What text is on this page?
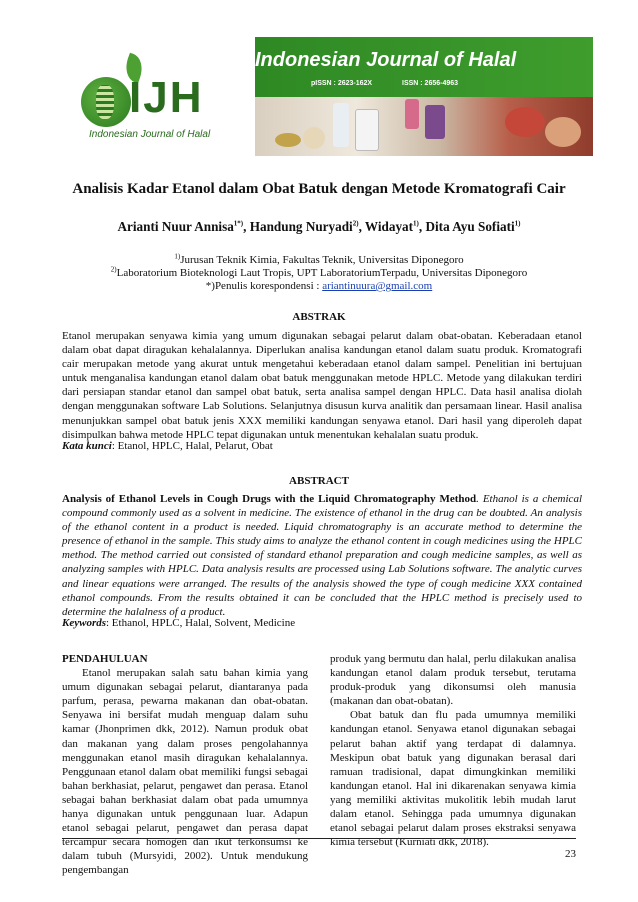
IJH
Indonesian Journal of Halal
Indonesian Journal of Halal
pISSN : 2623-162X	ISSN : 2656-4963
Analisis Kadar Etanol dalam Obat Batuk dengan Metode Kromatografi Cair
Arianti Nuur Annisa$^{1*)}$, Handung Nuryadi$^{2)}$, Widayat$^{1)}$, Dita Ayu Sofiati$^{1)}$
$^{1)}$Jurusan Teknik Kimia, Fakultas Teknik, Universitas Diponegoro
$^{2)}$Laboratorium Bioteknologi Laut Tropis, UPT LaboratoriumTerpadu, Universitas Diponegoro
*)Penulis korespondensi : ariantinuura@gmail.com
ABSTRAK
Etanol merupakan senyawa kimia yang umum digunakan sebagai pelarut dalam obat-obatan. Keberadaan etanol dalam obat dapat diragukan kehalalannya. Diperlukan analisa kandungan etanol dalam suatu produk. Kromatografi cair merupakan metode yang akurat untuk mengetahui keberadaan etanol dalam sampel. Penelitian ini bertujuan untuk menganalisa kandungan etanol dalam obat batuk menggunakan metode HPLC. Metode yang dilakukan terdiri dari persiapan standar etanol dan sampel obat batuk, serta analisa sampel dengan HPLC. Data hasil analisa diolah dengan menggunakan software Lab Solutions. Selanjutnya disusun kurva analitik dan persamaan linear. Hasil analisa menunjukkan sampel obat batuk jenis XXX memiliki kandungan senyawa etanol. Dari hasil yang diperoleh dapat disimpulkan bahwa metode HPLC tepat digunakan untuk menentukan kehalalan suatu produk.
Kata kunci: Etanol, HPLC, Halal, Pelarut, Obat
ABSTRACT
Analysis of Ethanol Levels in Cough Drugs with the Liquid Chromatography Method. Ethanol is a chemical compound commonly used as a solvent in medicine. The existence of ethanol in the drug can be doubted. An analysis of the ethanol content in a product is needed. Liquid chromatography is an accurate method to determine the presence of ethanol in the sample. This study aims to analyze the ethanol content in cough medicines using the HPLC method. The method carried out consisted of standard ethanol preparation and cough medicine samples, as well as analyzing samples with HPLC. Data analysis results are processed using Lab Solutions software. The analytic curves and linear equations were arranged. The results of the analysis showed the type of cough medicine XXX contained ethanol compounds. From the results obtained it can be concluded that the HPLC method is precisely used to determine the halalness of a product.
Keywords: Ethanol, HPLC, Halal, Solvent, Medicine
PENDAHULUAN
Etanol merupakan salah satu bahan kimia yang umum digunakan sebagai pelarut, diantaranya pada parfum, perasa, pewarna makanan dan obat-obatan. Senyawa ini bersifat mudah menguap dalam suhu kamar (Jhonprimen dkk, 2012). Namun produk obat dan makanan yang dalam proses pengolahannya menggunakan etanol masih diragukan kehalalannya. Penggunaan etanol dalam obat memiliki fungsi sebagai bahan berkhasiat, pelarut, pengawet dan perasa. Etanol sebagai bahan berkhasiat dalam obat pada umumnya hanya digunakan untuk penggunaan luar. Adapun etanol sebagai pelarut, pengawet dan perasa dapat tercampur secara homogen dan ikut terkonsumsi ke dalam tubuh (Mursyidi, 2002). Untuk mendukung pengembangan
produk yang bermutu dan halal, perlu dilakukan analisa kandungan etanol dalam produk tersebut, terutama produk-produk yang dikonsumsi oleh manusia (makanan dan obat-obatan).
Obat batuk dan flu pada umumnya memiliki kandungan etanol. Senyawa etanol digunakan sebagai pelarut bahan aktif yang terdapat di dalamnya. Meskipun obat batuk yang digunakan berasal dari ramuan tradisional, dapat dimungkinkan memiliki kandungan etanol. Hal ini dikarenakan senyawa kimia yang memiliki aktivitas mukolitik lebih mudah larut dalam etanol. Sehingga pada umumnya digunakan etanol sebagai pelarut dalam proses ekstraksi senyawa kimia tersebut (Kurniati dkk, 2018).
23
